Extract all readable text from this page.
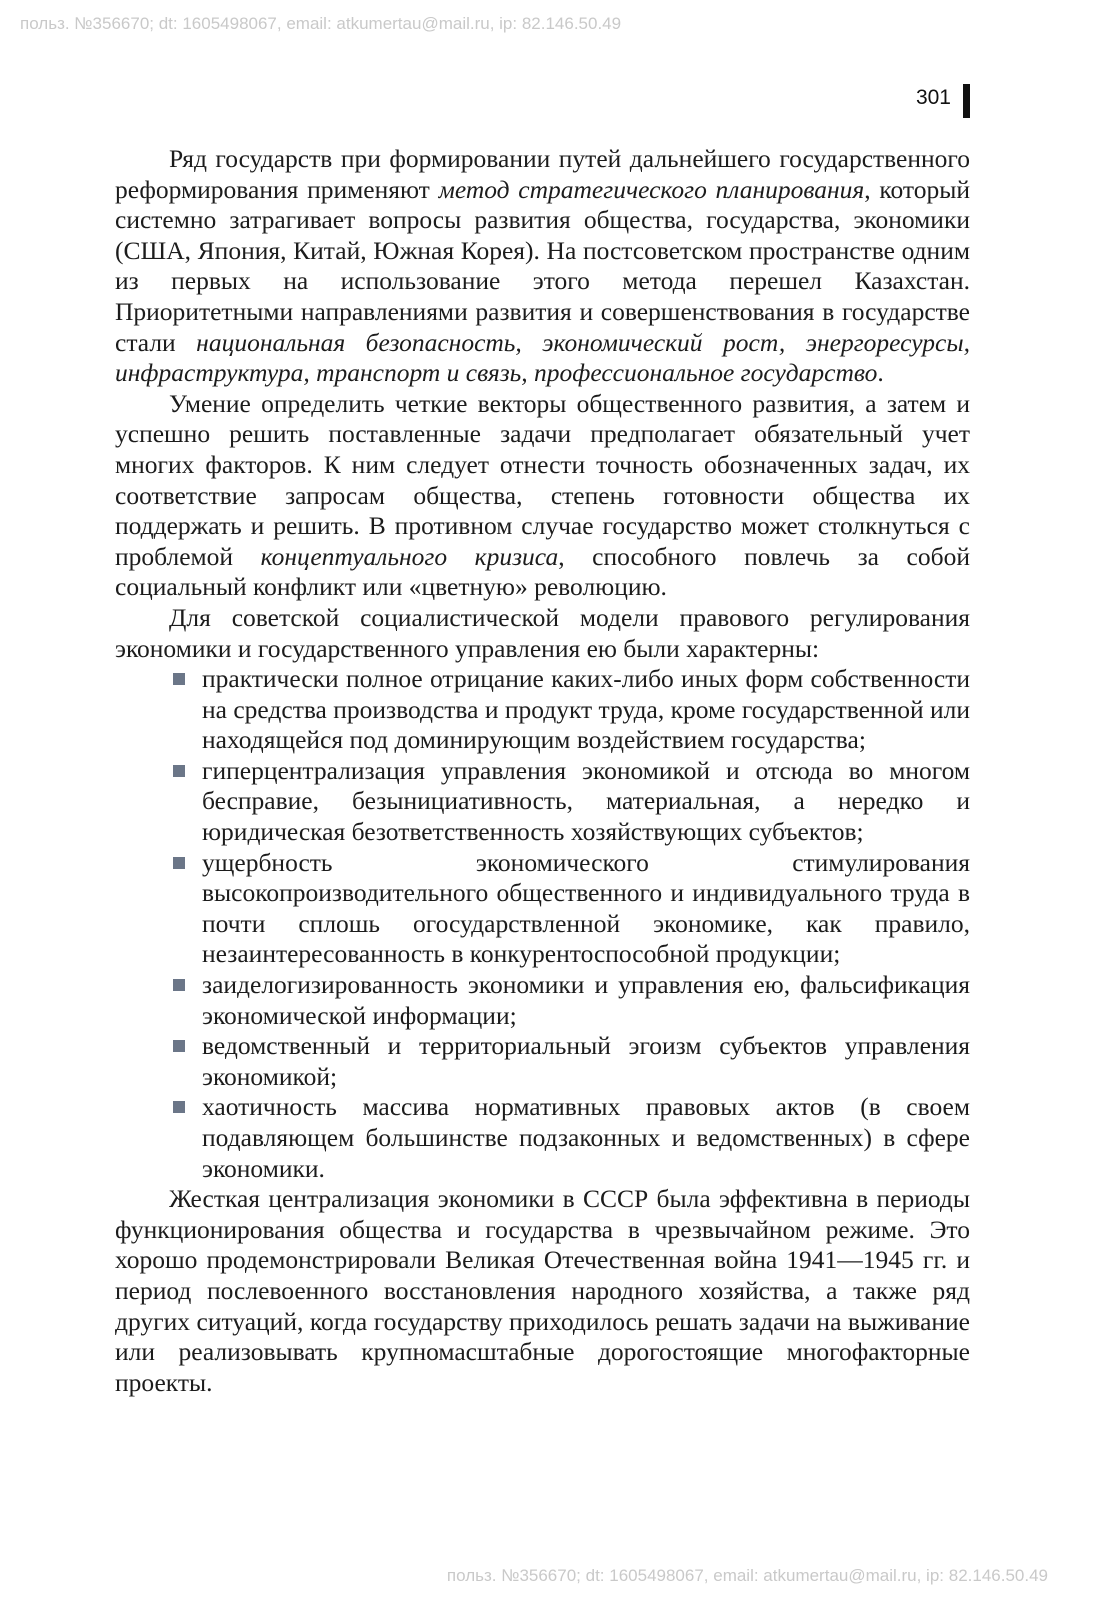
польз. №356670; dt: 1605498067, email: atkumertau@mail.ru, ip: 82.146.50.49
301

Ряд государств при формировании путей дальнейшего государственного реформирования применяют метод стратегического планирования, который системно затрагивает вопросы развития общества, государства, экономики (США, Япония, Китай, Южная Корея). На постсоветском пространстве одним из первых на использование этого метода перешел Казахстан. Приоритетными направлениями развития и совершенствования в государстве стали национальная безопасность, экономический рост, энергоресурсы, инфраструктура, транспорт и связь, профессиональное государство.

Умение определить четкие векторы общественного развития, а затем и успешно решить поставленные задачи предполагает обязательный учет многих факторов. К ним следует отнести точность обозначенных задач, их соответствие запросам общества, степень готовности общества их поддержать и решить. В противном случае государство может столкнуться с проблемой концептуального кризиса, способного повлечь за собой социальный конфликт или «цветную» революцию.

Для советской социалистической модели правового регулирования экономики и государственного управления ею были характерны:

практически полное отрицание каких-либо иных форм собственности на средства производства и продукт труда, кроме государственной или находящейся под доминирующим воздействием государства;
гиперцентрализация управления экономикой и отсюда во многом бесправие, безынициативность, материальная, а нередко и юридическая безответственность хозяйствующих субъектов;
ущербность экономического стимулирования высокопроизводительного общественного и индивидуального труда в почти сплошь огосударствленной экономике, как правило, незаинтересованность в конкурентоспособной продукции;
заиделогизированность экономики и управления ею, фальсификация экономической информации;
ведомственный и территориальный эгоизм субъектов управления экономикой;
хаотичность массива нормативных правовых актов (в своем подавляющем большинстве подзаконных и ведомственных) в сфере экономики.

Жесткая централизация экономики в СССР была эффективна в периоды функционирования общества и государства в чрезвычайном режиме. Это хорошо продемонстрировали Великая Отечественная война 1941—1945 гг. и период послевоенного восстановления народного хозяйства, а также ряд других ситуаций, когда государству приходилось решать задачи на выживание или реализовывать крупномасштабные дорогостоящие многофакторные проекты.

польз. №356670; dt: 1605498067, email: atkumertau@mail.ru, ip: 82.146.50.49
